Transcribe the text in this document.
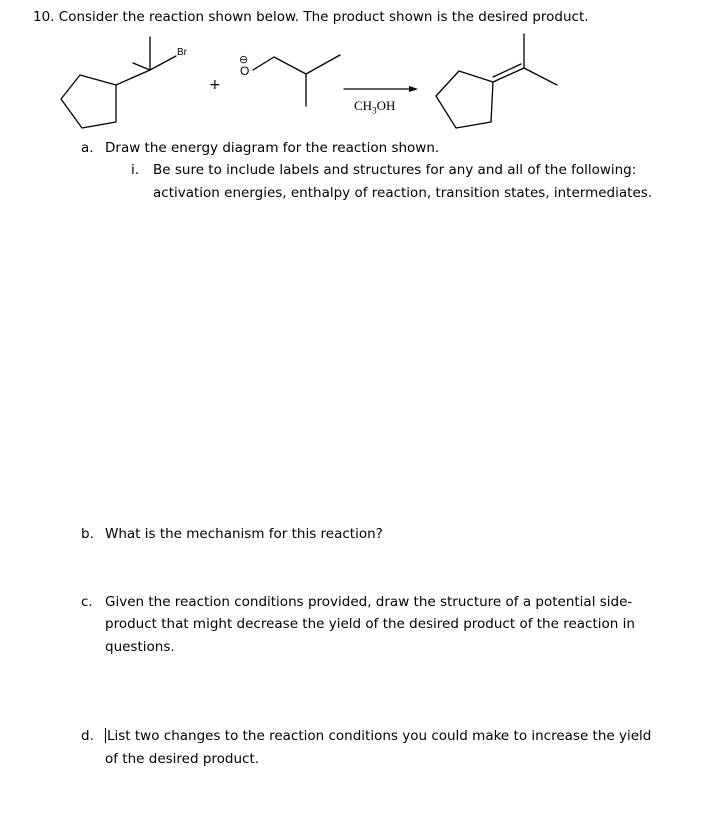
10. Consider the reaction shown below. The product shown is the desired product.
Br
+
⊖
O
$CH_3OH$
a. Draw the energy diagram for the reaction shown.
i. Be sure to include labels and structures for any and all of the following:
activation energies, enthalpy of reaction, transition states, intermediates.
b. What is the mechanism for this reaction?
c. Given the reaction conditions provided, draw the structure of a potential side-
product that might decrease the yield of the desired product of the reaction in
questions.
d. List two changes to the reaction conditions you could make to increase the yield
of the desired product.
